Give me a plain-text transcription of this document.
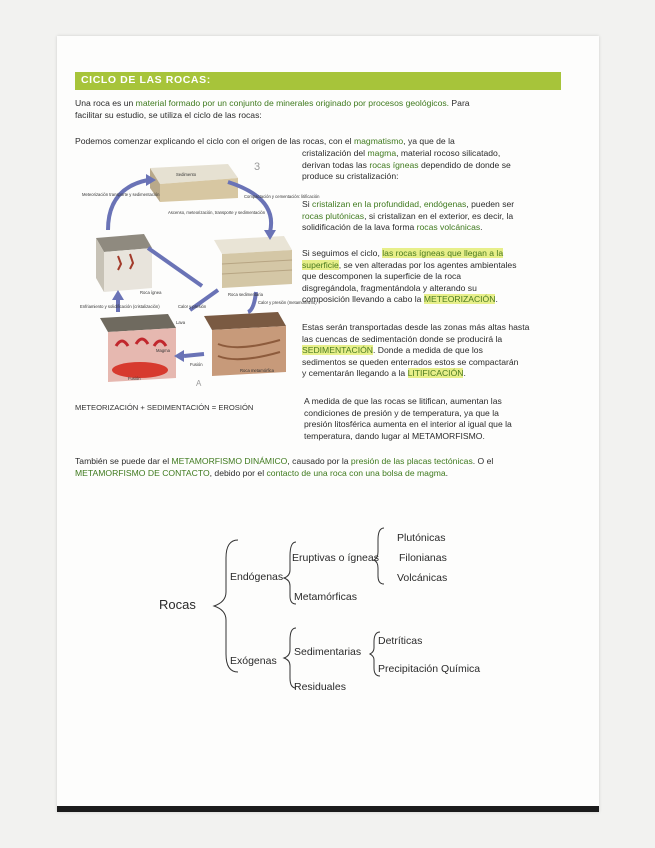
CICLO DE LAS ROCAS:
Una roca es un material formado por un conjunto de minerales originado por procesos geológicos. Para
facilitar su estudio, se utiliza el ciclo de las rocas:
Podemos comenzar explicando el ciclo con el origen de las rocas, con el magmatismo, ya que de la
cristalización del magma, material rocoso silicatado,
derivan todas las rocas ígneas dependido de donde se
produce su cristalización:
Si cristalizan en la profundidad, endógenas, pueden ser
rocas plutónicas, si cristalizan en el exterior, es decir, la
solidificación de la lava forma rocas volcánicas.
Si seguimos el ciclo, las rocas ígneas que llegan a la
superficie, se ven alteradas por los agentes ambientales
que descomponen la superficie de la roca
disgregándola, fragmentándola y alterando su
composición llevando a cabo la METEORIZACIÓN.
Estas serán transportadas desde las zonas más altas hasta
las cuencas de sedimentación donde se producirá la
SEDIMENTACIÓN. Donde a medida de que los
sedimentos se queden enterrados estos se compactarán
y cementarán llegando a la LITIFICACIÓN.
A medida de que las rocas se litifican, aumentan las
condiciones de presión y de temperatura, ya que la
presión litosférica aumenta en el interior al igual que la
temperatura, dando lugar al METAMORFISMO.
METEORIZACIÓN + SEDIMENTACIÓN = EROSIÓN
También se puede dar el METAMORFISMO DINÁMICO, causado por la presión de las placas tectónicas. O el
METAMORFISMO DE CONTACTO, debido por el contacto de una roca con una bolsa de magma.
Sedimento
Meteorización transporte y sedimentación	Compactación y cementación: litificación
Ascenso, meteorización, transporte y sedimentación
Roca ígnea	Roca sedimentaria
Enfriamiento y solidificación (cristalización)	Calor y presión
Calor y presión (metamorfismo)
Magma
Lava
Fusión
Fusión
Roca metamórfica
3
A
Rocas
Endógenas
Eruptivas o ígneas
Plutónicas
Filonianas
Volcánicas
Metamórficas
Exógenas
Sedimentarias
Detríticas
Precipitación Química
Residuales
